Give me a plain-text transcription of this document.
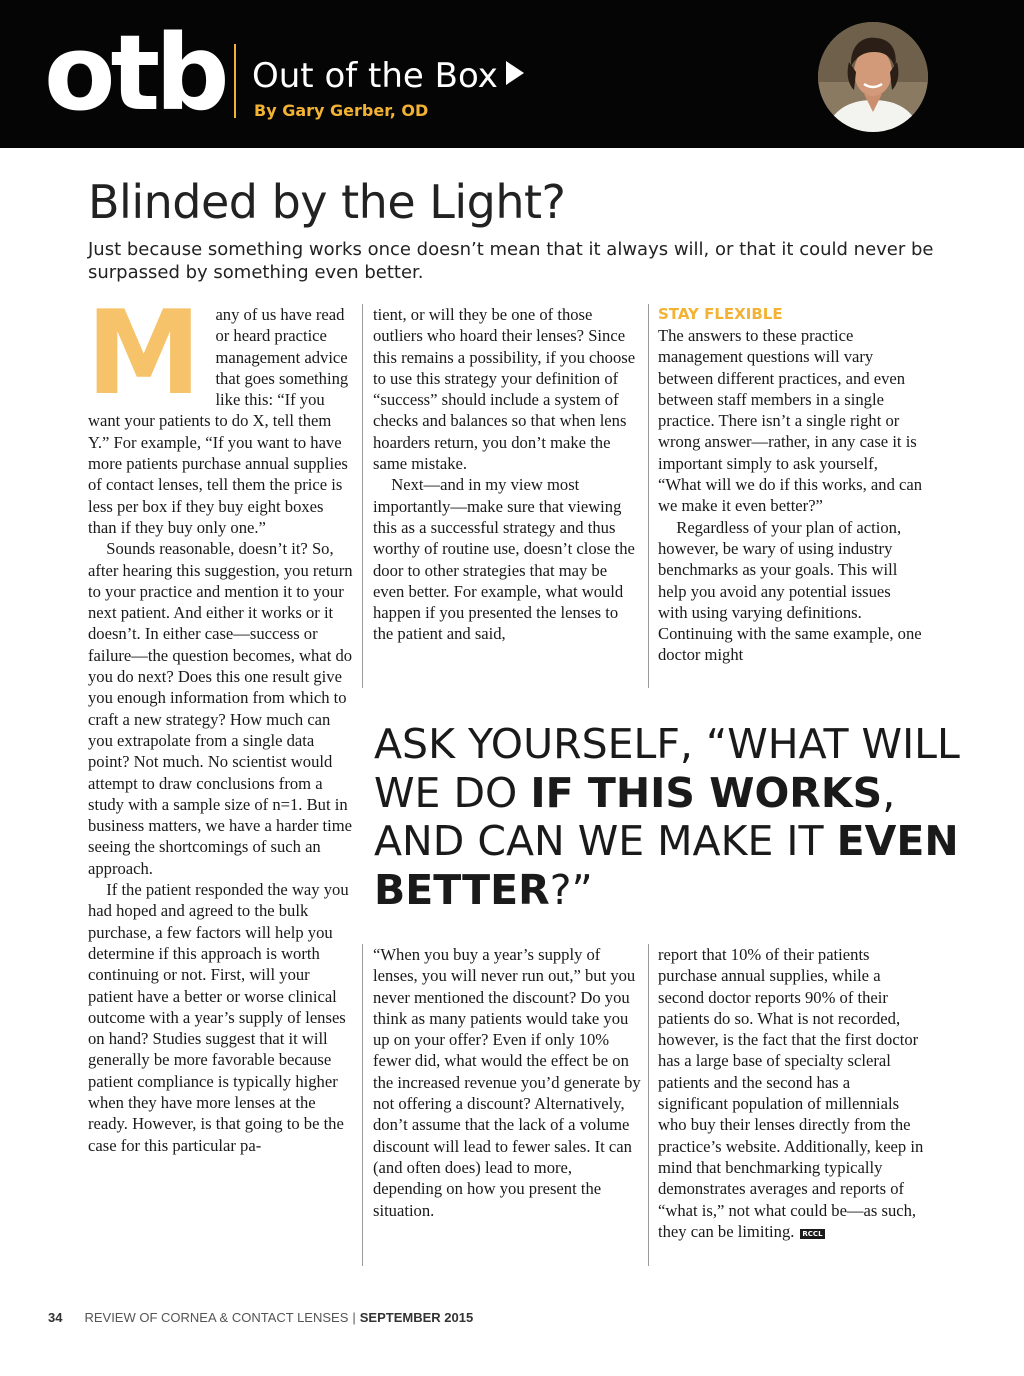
otb Out of the Box
By Gary Gerber, OD
Blinded by the Light?

Just because something works once doesn’t mean that it always will, or that it could never be surpassed by something even better.

Many of us have read or heard practice management advice that goes something like this: “If you want your patients to do X, tell them Y.” For example, “If you want to have more patients purchase annual supplies of contact lenses, tell them the price is less per box if they buy eight boxes than if they buy only one.”

Sounds reasonable, doesn’t it? So, after hearing this suggestion, you return to your practice and mention it to your next patient. And either it works or it doesn’t. In either case—success or failure—the question becomes, what do you do next? Does this one result give you enough information from which to craft a new strategy? How much can you extrapolate from a single data point? Not much. No scientist would attempt to draw conclusions from a study with a sample size of n=1. But in business matters, we have a harder time seeing the shortcomings of such an approach.

If the patient responded the way you had hoped and agreed to the bulk purchase, a few factors will help you determine if this approach is worth continuing or not. First, will your patient have a better or worse clinical outcome with a year’s supply of lenses on hand? Studies suggest that it will generally be more favorable because patient compliance is typically higher when they have more lenses at the ready. However, is that going to be the case for this particular pa-

tient, or will they be one of those outliers who hoard their lenses? Since this remains a possibility, if you choose to use this strategy your definition of “success” should include a system of checks and balances so that when lens hoarders return, you don’t make the same mistake.

Next—and in my view most importantly—make sure that viewing this as a successful strategy and thus worthy of routine use, doesn’t close the door to other strategies that may be even better. For example, what would happen if you presented the lenses to the patient and said,

STAY FLEXIBLE

The answers to these practice management questions will vary between different practices, and even between staff members in a single practice. There isn’t a single right or wrong answer—rather, in any case it is important simply to ask yourself, “What will we do if this works, and can we make it even better?”

Regardless of your plan of action, however, be wary of using industry benchmarks as your goals. This will help you avoid any potential issues with using varying definitions. Continuing with the same example, one doctor might

ASK YOURSELF, “WHAT WILL WE DO IF THIS WORKS, AND CAN WE MAKE IT EVEN BETTER?”

“When you buy a year’s supply of lenses, you will never run out,” but you never mentioned the discount? Do you think as many patients would take you up on your offer? Even if only 10% fewer did, what would the effect be on the increased revenue you’d generate by not offering a discount? Alternatively, don’t assume that the lack of a volume discount will lead to fewer sales. It can (and often does) lead to more, depending on how you present the situation.

report that 10% of their patients purchase annual supplies, while a second doctor reports 90% of their patients do so. What is not recorded, however, is the fact that the first doctor has a large base of specialty scleral patients and the second has a significant population of millennials who buy their lenses directly from the practice’s website. Additionally, keep in mind that benchmarking typically demonstrates averages and reports of “what is,” not what could be—as such, they can be limiting. RCCL

34 REVIEW OF CORNEA & CONTACT LENSES | SEPTEMBER 2015
